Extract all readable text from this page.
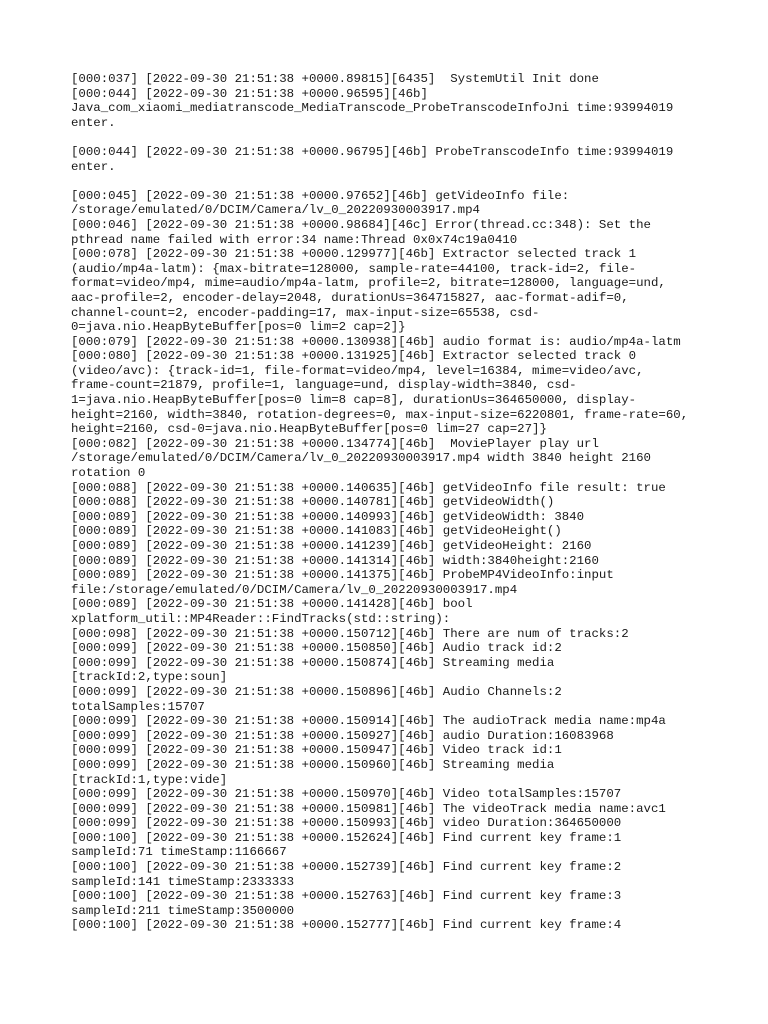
[000:037] [2022-09-30 21:51:38 +0000.89815][6435]  SystemUtil Init done
[000:044] [2022-09-30 21:51:38 +0000.96595][46b]
Java_com_xiaomi_mediatranscode_MediaTranscode_ProbeTranscodeInfoJni time:93994019
enter.
[000:044] [2022-09-30 21:51:38 +0000.96795][46b] ProbeTranscodeInfo time:93994019
enter.
[000:045] [2022-09-30 21:51:38 +0000.97652][46b] getVideoInfo file:
/storage/emulated/0/DCIM/Camera/lv_0_20220930003917.mp4
[000:046] [2022-09-30 21:51:38 +0000.98684][46c] Error(thread.cc:348): Set the
pthread name failed with error:34 name:Thread 0x0x74c19a0410
[000:078] [2022-09-30 21:51:38 +0000.129977][46b] Extractor selected track 1
(audio/mp4a-latm): {max-bitrate=128000, sample-rate=44100, track-id=2, file-
format=video/mp4, mime=audio/mp4a-latm, profile=2, bitrate=128000, language=und,
aac-profile=2, encoder-delay=2048, durationUs=364715827, aac-format-adif=0,
channel-count=2, encoder-padding=17, max-input-size=65538, csd-
0=java.nio.HeapByteBuffer[pos=0 lim=2 cap=2]}
[000:079] [2022-09-30 21:51:38 +0000.130938][46b] audio format is: audio/mp4a-latm
[000:080] [2022-09-30 21:51:38 +0000.131925][46b] Extractor selected track 0
(video/avc): {track-id=1, file-format=video/mp4, level=16384, mime=video/avc,
frame-count=21879, profile=1, language=und, display-width=3840, csd-
1=java.nio.HeapByteBuffer[pos=0 lim=8 cap=8], durationUs=364650000, display-
height=2160, width=3840, rotation-degrees=0, max-input-size=6220801, frame-rate=60,
height=2160, csd-0=java.nio.HeapByteBuffer[pos=0 lim=27 cap=27]}
[000:082] [2022-09-30 21:51:38 +0000.134774][46b]  MoviePlayer play url
/storage/emulated/0/DCIM/Camera/lv_0_20220930003917.mp4 width 3840 height 2160
rotation 0
[000:088] [2022-09-30 21:51:38 +0000.140635][46b] getVideoInfo file result: true
[000:088] [2022-09-30 21:51:38 +0000.140781][46b] getVideoWidth()
[000:089] [2022-09-30 21:51:38 +0000.140993][46b] getVideoWidth: 3840
[000:089] [2022-09-30 21:51:38 +0000.141083][46b] getVideoHeight()
[000:089] [2022-09-30 21:51:38 +0000.141239][46b] getVideoHeight: 2160
[000:089] [2022-09-30 21:51:38 +0000.141314][46b] width:3840height:2160
[000:089] [2022-09-30 21:51:38 +0000.141375][46b] ProbeMP4VideoInfo:input
file:/storage/emulated/0/DCIM/Camera/lv_0_20220930003917.mp4
[000:089] [2022-09-30 21:51:38 +0000.141428][46b] bool
xplatform_util::MP4Reader::FindTracks(std::string):
[000:098] [2022-09-30 21:51:38 +0000.150712][46b] There are num of tracks:2
[000:099] [2022-09-30 21:51:38 +0000.150850][46b] Audio track id:2
[000:099] [2022-09-30 21:51:38 +0000.150874][46b] Streaming media
[trackId:2,type:soun]
[000:099] [2022-09-30 21:51:38 +0000.150896][46b] Audio Channels:2
totalSamples:15707
[000:099] [2022-09-30 21:51:38 +0000.150914][46b] The audioTrack media name:mp4a
[000:099] [2022-09-30 21:51:38 +0000.150927][46b] audio Duration:16083968
[000:099] [2022-09-30 21:51:38 +0000.150947][46b] Video track id:1
[000:099] [2022-09-30 21:51:38 +0000.150960][46b] Streaming media
[trackId:1,type:vide]
[000:099] [2022-09-30 21:51:38 +0000.150970][46b] Video totalSamples:15707
[000:099] [2022-09-30 21:51:38 +0000.150981][46b] The videoTrack media name:avc1
[000:099] [2022-09-30 21:51:38 +0000.150993][46b] video Duration:364650000
[000:100] [2022-09-30 21:51:38 +0000.152624][46b] Find current key frame:1
sampleId:71 timeStamp:1166667
[000:100] [2022-09-30 21:51:38 +0000.152739][46b] Find current key frame:2
sampleId:141 timeStamp:2333333
[000:100] [2022-09-30 21:51:38 +0000.152763][46b] Find current key frame:3
sampleId:211 timeStamp:3500000
[000:100] [2022-09-30 21:51:38 +0000.152777][46b] Find current key frame:4
